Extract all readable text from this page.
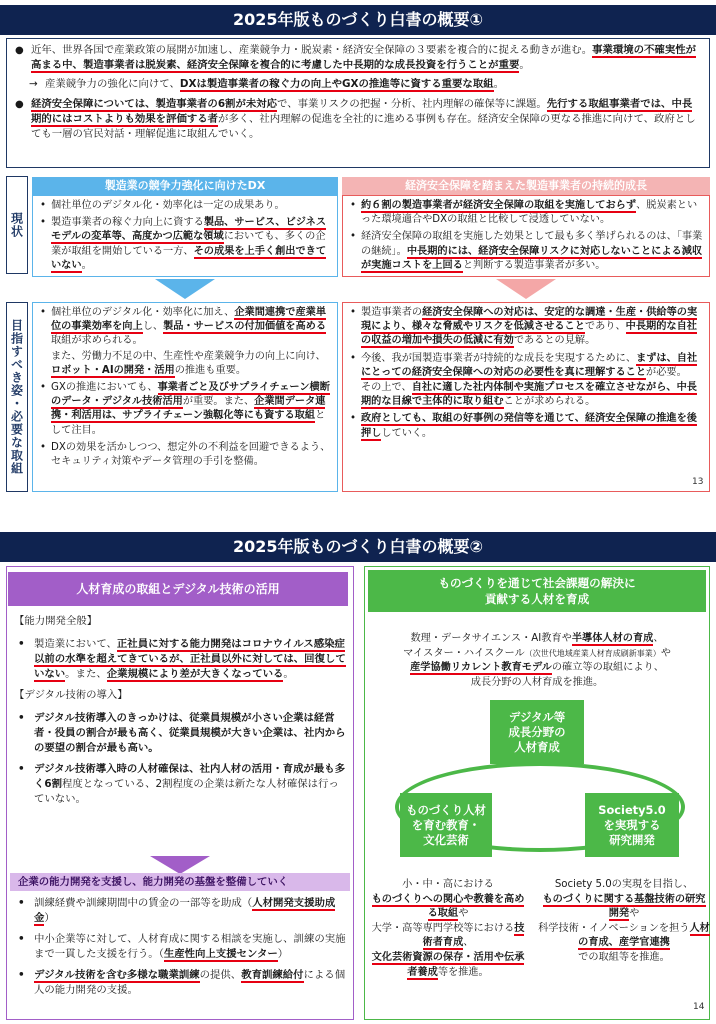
2025年版ものづくり白書の概要①

● 近年、世界各国で産業政策の展開が加速し、産業競争力・脱炭素・経済安全保障の３要素を複合的に捉える動きが進む。事業環境の不確実性が高まる中、製造事業者は脱炭素、経済安全保障を複合的に考慮した中長期的な成長投資を行うことが重要。

→ 産業競争力の強化に向けて、DXは製造事業者の稼ぐ力の向上やGXの推進等に資する重要な取組。

● 経済安全保障については、製造事業者の6割が未対応で、事業リスクの把握・分析、社内理解の確保等に課題。先行する取組事業者では、中長期的にはコストよりも効果を評価する者が多く、社内理解の促進を全社的に進める事例も存在。経済安全保障の更なる推進に向けて、政府としても一層の官民対話・理解促進に取組んでいく。

現状
目指すべき姿・必要な取組
製造業の競争力強化に向けたDX	経済安全保障を踏まえた製造事業者の持続的成長

• 個社単位のデジタル化・効率化は一定の成果あり。

• 製造事業者の稼ぐ力向上に資する製品、サービス、ビジネスモデルの変革等、高度かつ広範な領域においても、多くの企業が取組を開始している一方、その成果を上手く創出できていない。

• 約６割の製造事業者が経済安全保障の取組を実施しておらず、脱炭素といった環境適合やDXの取組と比較して浸透していない。

• 経済安全保障の取組を実施した効果として最も多く挙げられるのは、「事業の継続」。中長期的には、経済安全保障リスクに対応しないことによる減収が実施コストを上回ると判断する製造事業者が多い。

• 個社単位のデジタル化・効率化に加え、企業間連携で産業単位の事業効率を向上し、製品・サービスの付加価値を高める取組が求められる。

また、労働力不足の中、生産性や産業競争力の向上に向け、ロボット・AIの開発・活用の推進も重要。

• GXの推進においても、事業者ごと及びサプライチェーン横断のデータ・デジタル技術活用が重要。また、企業間データ連携・利活用は、サプライチェーン強靱化等にも資する取組として注目。

• DXの効果を活かしつつ、想定外の不利益を回避できるよう、セキュリティ対策やデータ管理の手引を整備。

• 製造事業者の経済安全保障への対応は、安定的な調達・生産・供給等の実現により、様々な脅威やリスクを低減させることであり、中長期的な自社の収益の増加や損失の低減に有効であるとの見解。

• 今後、我が国製造事業者が持続的な成長を実現するために、まずは、自社にとっての経済安全保障への対応の必要性を真に理解することが必要。

その上で、自社に適した社内体制や実施プロセスを確立させながら、中長期的な目線で主体的に取り組むことが求められる。

• 政府としても、取組の好事例の発信等を通じて、経済安全保障の推進を後押ししていく。

13
2025年版ものづくり白書の概要②
人材育成の取組とデジタル技術の活用
【能力開発全般】

• 製造業において、正社員に対する能力開発はコロナウイルス感染症以前の水準を超えてきているが、正社員以外に対しては、回復していない。また、企業規模により差が大きくなっている。

【デジタル技術の導入】

• デジタル技術導入のきっかけは、従業員規模が小さい企業は経営者・役員の割合が最も高く、従業員規模が大きい企業は、社内からの要望の割合が最も高い。

• デジタル技術導入時の人材確保は、社内人材の活用・育成が最も多く6割程度となっている、2割程度の企業は新たな人材確保は行っていない。

企業の能力開発を支援し、能力開発の基盤を整備していく

• 訓練経費や訓練期間中の賃金の一部等を助成（人材開発支援助成金）

• 中小企業等に対して、人材育成に関する相談を実施し、訓練の実施まで一貫した支援を行う。（生産性向上支援センター）

• デジタル技術を含む多様な職業訓練の提供、教育訓練給付による個人の能力開発の支援。

ものづくりを通じて社会課題の解決に
貢献する人材を育成
数理・データサイエンス・AI教育や半導体人材の育成、
マイスター・ハイスクール（次世代地域産業人材育成刷新事業）や
産学協働リカレント教育モデルの確立等の取組により、
成長分野の人材育成を推進。
デジタル等
成長分野の
人材育成
ものづくり人材
を育む教育・
文化芸術
Society5.0
を実現する
研究開発
小・中・高における
ものづくりへの関心や教養を高める取組や
大学・高等専門学校等における技術者育成、
文化芸術資源の保存・活用や伝承者養成等を推進。
Society 5.0の実現を目指し、
ものづくりに関する基盤技術の研究開発や
科学技術・イノベーションを担う人材の育成、産学官連携
での取組等を推進。
14
